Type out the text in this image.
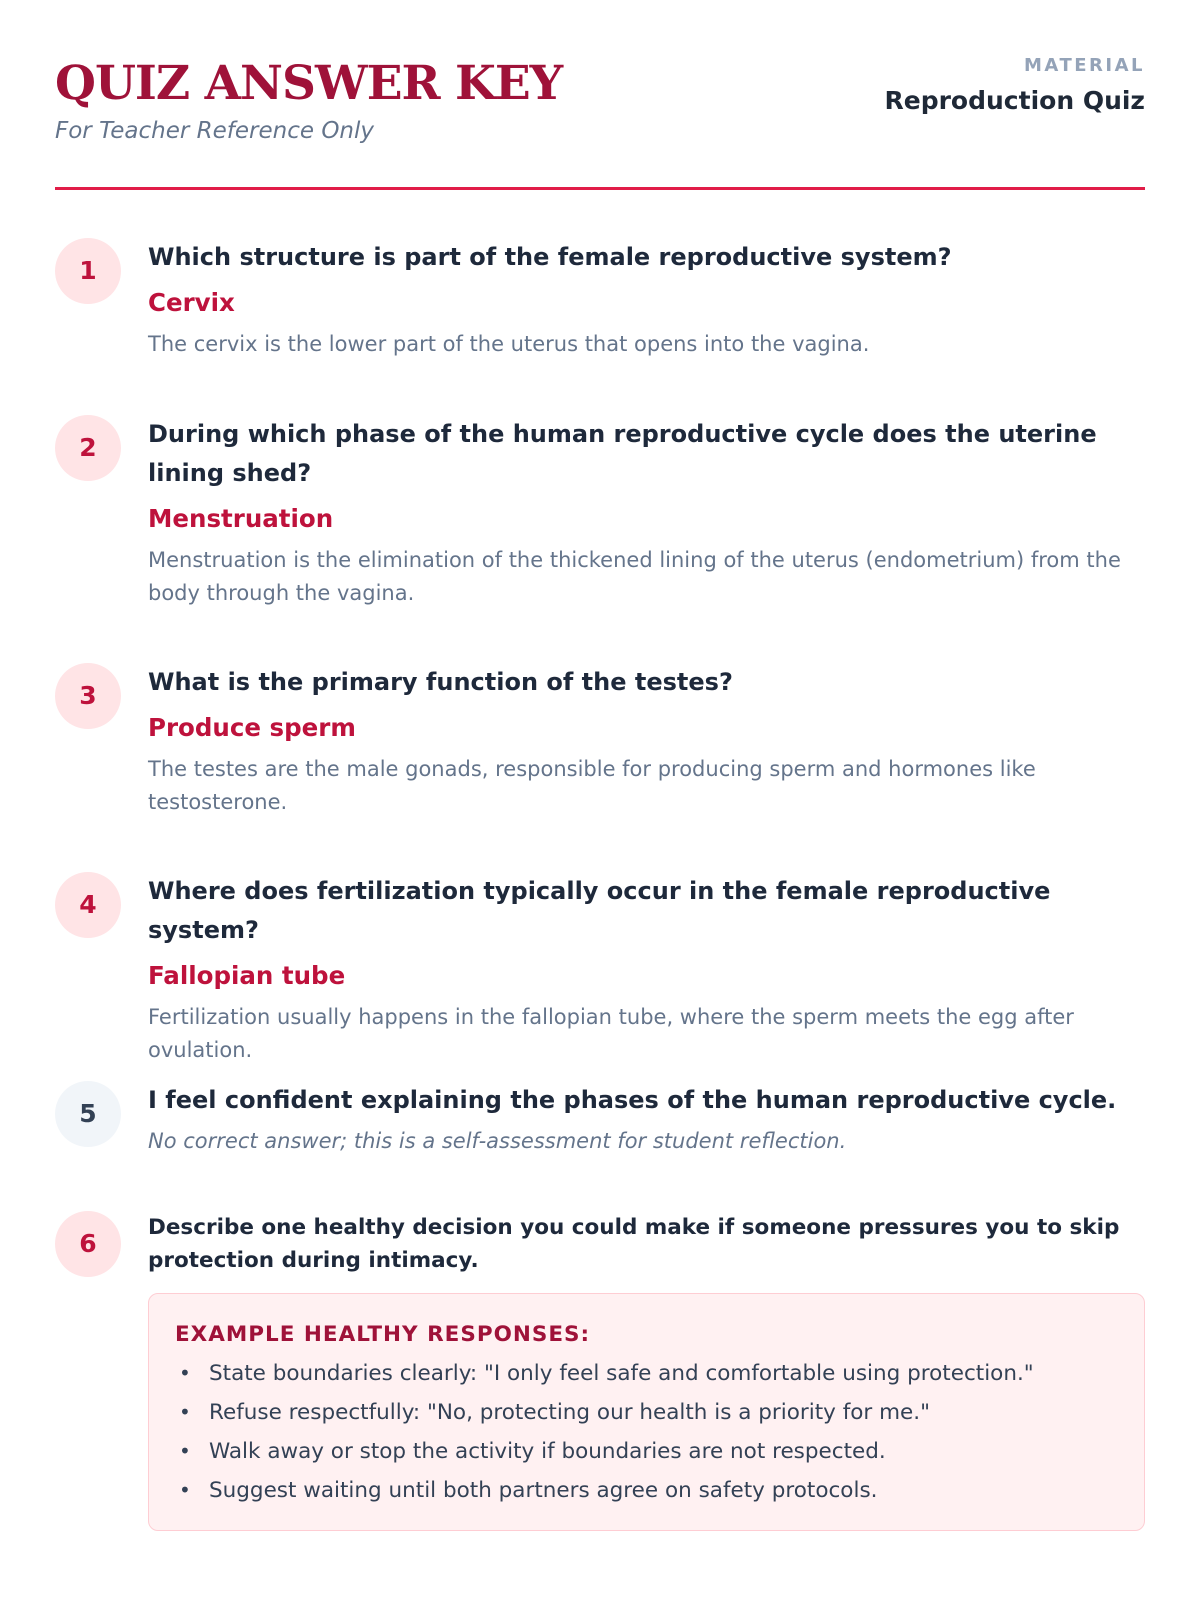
QUIZ ANSWER KEY
For Teacher Reference Only
MATERIAL
Reproduction Quiz
1	Which structure is part of the female reproductive system?
Cervix
The cervix is the lower part of the uterus that opens into the vagina.
2	During which phase of the human reproductive cycle does the uterine lining shed?
Menstruation
Menstruation is the elimination of the thickened lining of the uterus (endometrium) from the body through the vagina.
3	What is the primary function of the testes?
Produce sperm
The testes are the male gonads, responsible for producing sperm and hormones like testosterone.
4	Where does fertilization typically occur in the female reproductive system?
Fallopian tube
Fertilization usually happens in the fallopian tube, where the sperm meets the egg after ovulation.
5	I feel confident explaining the phases of the human reproductive cycle.
No correct answer; this is a self-assessment for student reflection.
6
Describe one healthy decision you could make if someone pressures you to skip protection during intimacy.
EXAMPLE HEALTHY RESPONSES:
• State boundaries clearly: "I only feel safe and comfortable using protection."
• Refuse respectfully: "No, protecting our health is a priority for me."
• Walk away or stop the activity if boundaries are not respected.
• Suggest waiting until both partners agree on safety protocols.
